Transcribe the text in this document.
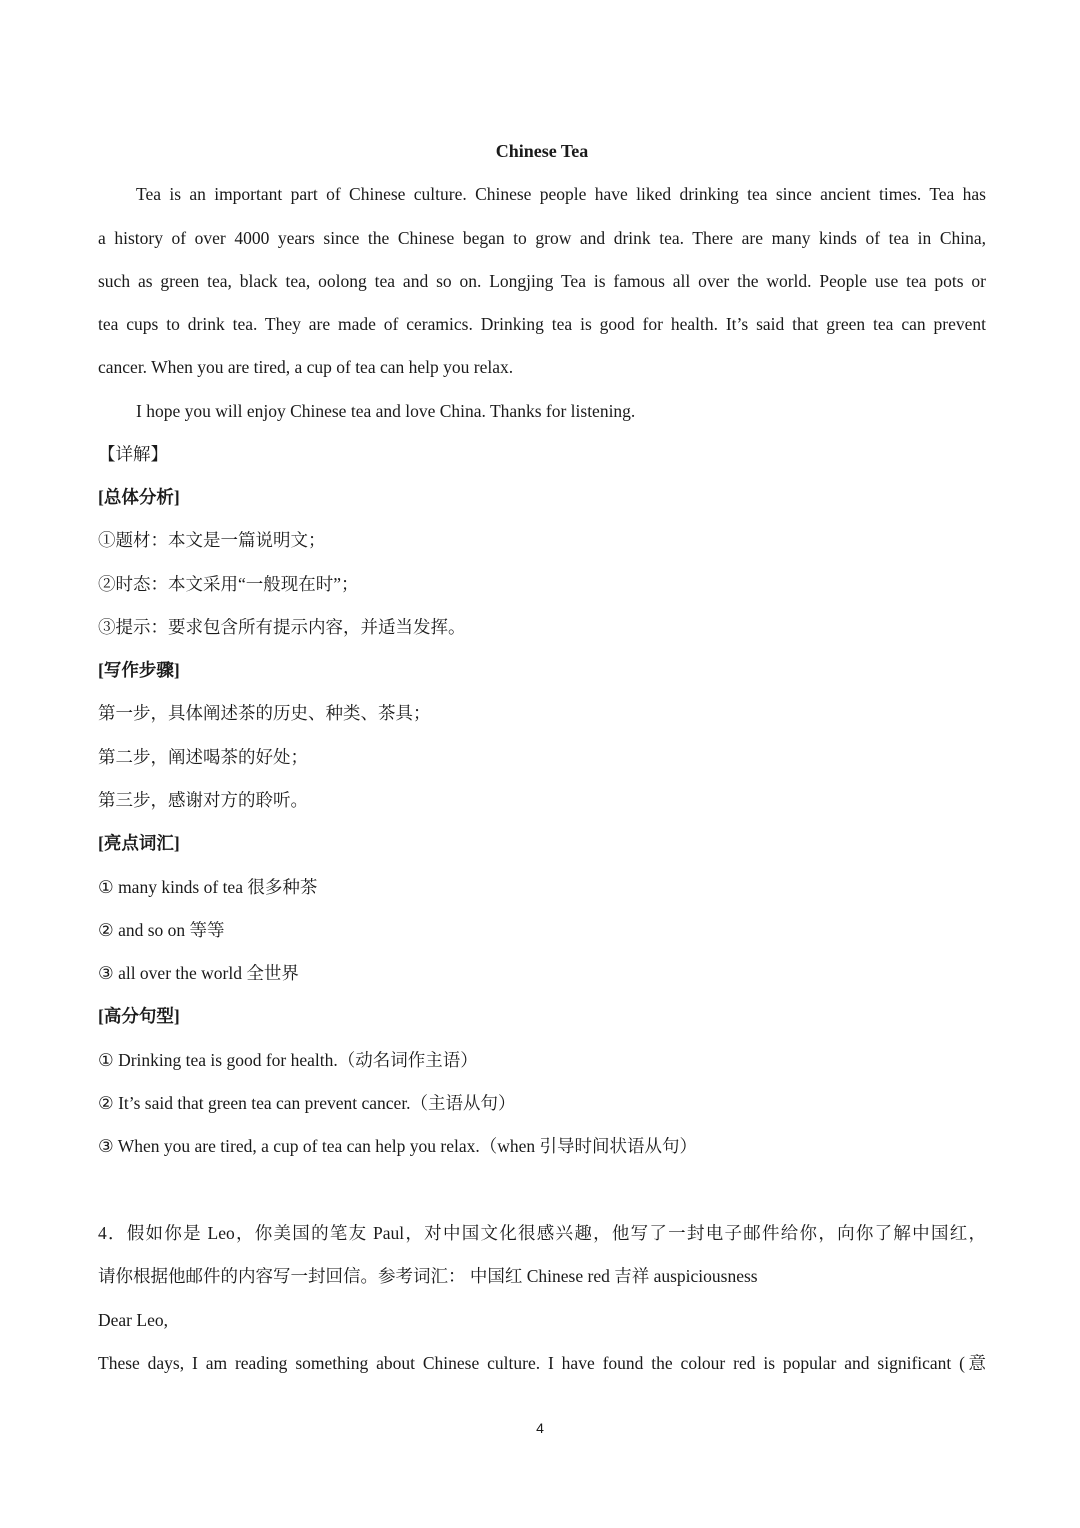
Chinese Tea
Tea is an important part of Chinese culture. Chinese people have liked drinking tea since ancient times. Tea has
a history of over 4000 years since the Chinese began to grow and drink tea. There are many kinds of tea in China,
such as green tea, black tea, oolong tea and so on. Longjing Tea is famous all over the world. People use tea pots or
tea cups to drink tea. They are made of ceramics. Drinking tea is good for health. It’s said that green tea can prevent
cancer. When you are tired, a cup of tea can help you relax.
I hope you will enjoy Chinese tea and love China. Thanks for listening.
【详解】
[总体分析]
①题材：本文是一篇说明文；
②时态：本文采用“一般现在时”；
③提示：要求包含所有提示内容，并适当发挥。
[写作步骤]
第一步，具体阐述茶的历史、种类、茶具；
第二步，阐述喝茶的好处；
第三步，感谢对方的聆听。
[亮点词汇]
① many kinds of tea 很多种茶
② and so on 等等
③ all over the world 全世界
[高分句型]
① Drinking tea is good for health.（动名词作主语）
② It’s said that green tea can prevent cancer.（主语从句）
③ When you are tired, a cup of tea can help you relax.（when 引导时间状语从句）
4．假如你是 Leo，你美国的笔友 Paul，对中国文化很感兴趣，他写了一封电子邮件给你，向你了解中国红，
请你根据他邮件的内容写一封回信。参考词汇： 中国红 Chinese red 吉祥 auspiciousness
Dear Leo,
These days, I am reading something about Chinese culture. I have found the colour red is popular and significant (意
4
